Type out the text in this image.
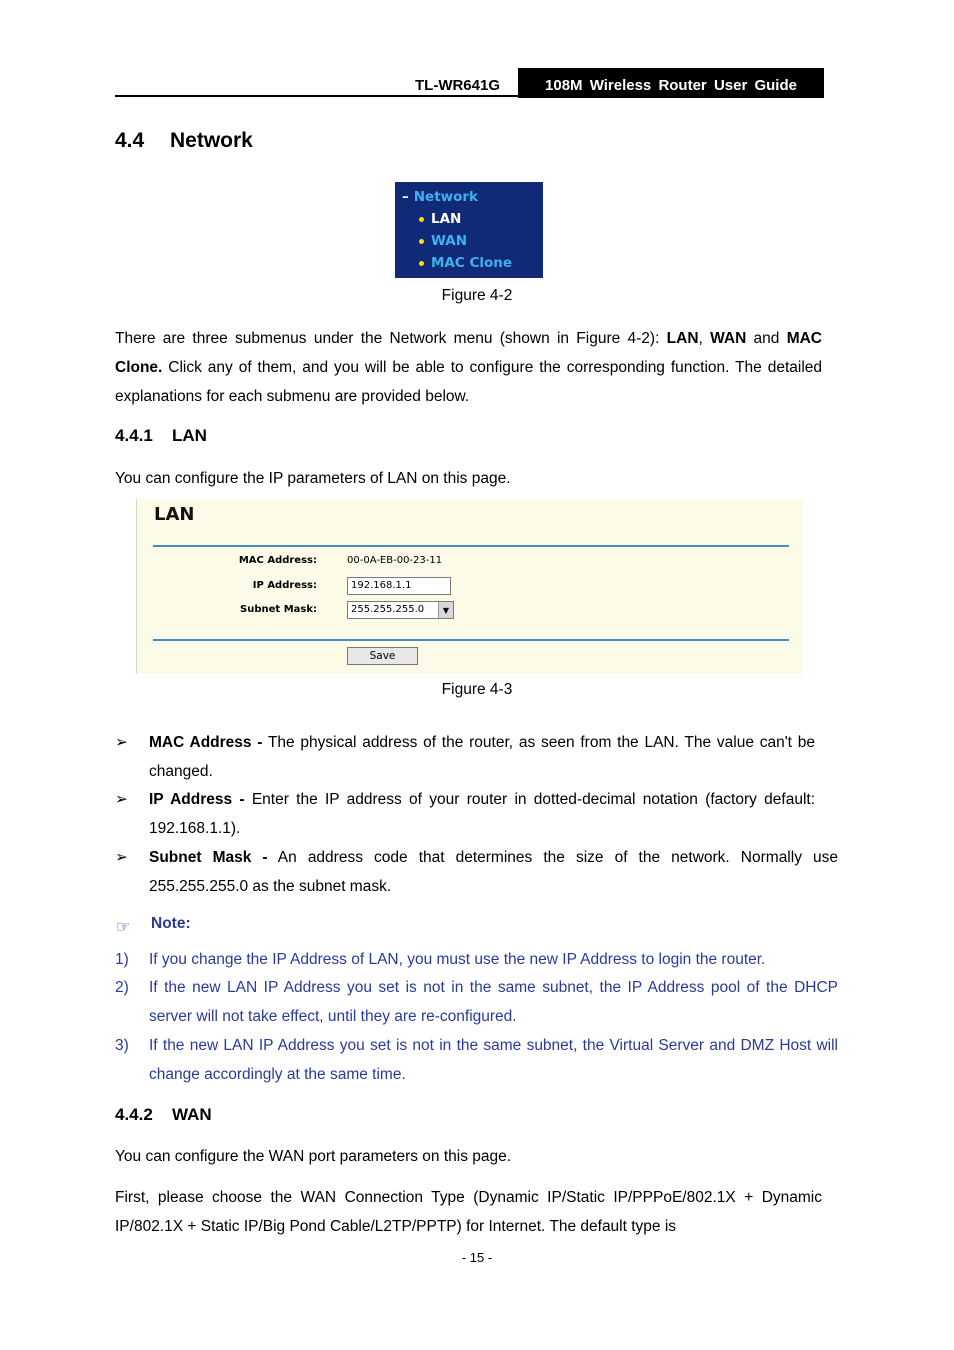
TL-WR641G	108M Wireless Router User Guide
4.4 Network
– Network
LAN
WAN
MAC Clone
Figure 4-2
There are three submenus under the Network menu (shown in Figure 4-2): LAN, WAN and MAC Clone. Click any of them, and you will be able to configure the corresponding function. The detailed explanations for each submenu are provided below.
4.4.1 LAN
You can configure the IP parameters of LAN on this page.
LAN
MAC Address:	00-0A-EB-00-23-11
IP Address:	192.168.1.1
Subnet Mask:	255.255.255.0	▼
Save
Figure 4-3
➢ MAC Address - The physical address of the router, as seen from the LAN. The value can't be changed.
➢ IP Address - Enter the IP address of your router in dotted-decimal notation (factory default: 192.168.1.1).
➢ Subnet Mask - An address code that determines the size of the network. Normally use 255.255.255.0 as the subnet mask.
☞ Note:
1) If you change the IP Address of LAN, you must use the new IP Address to login the router.
2) If the new LAN IP Address you set is not in the same subnet, the IP Address pool of the DHCP server will not take effect, until they are re-configured.
3) If the new LAN IP Address you set is not in the same subnet, the Virtual Server and DMZ Host will change accordingly at the same time.
4.4.2 WAN
You can configure the WAN port parameters on this page.
First, please choose the WAN Connection Type (Dynamic IP/Static IP/PPPoE/802.1X + Dynamic IP/802.1X + Static IP/Big Pond Cable/L2TP/PPTP) for Internet. The default type is
- 15 -
